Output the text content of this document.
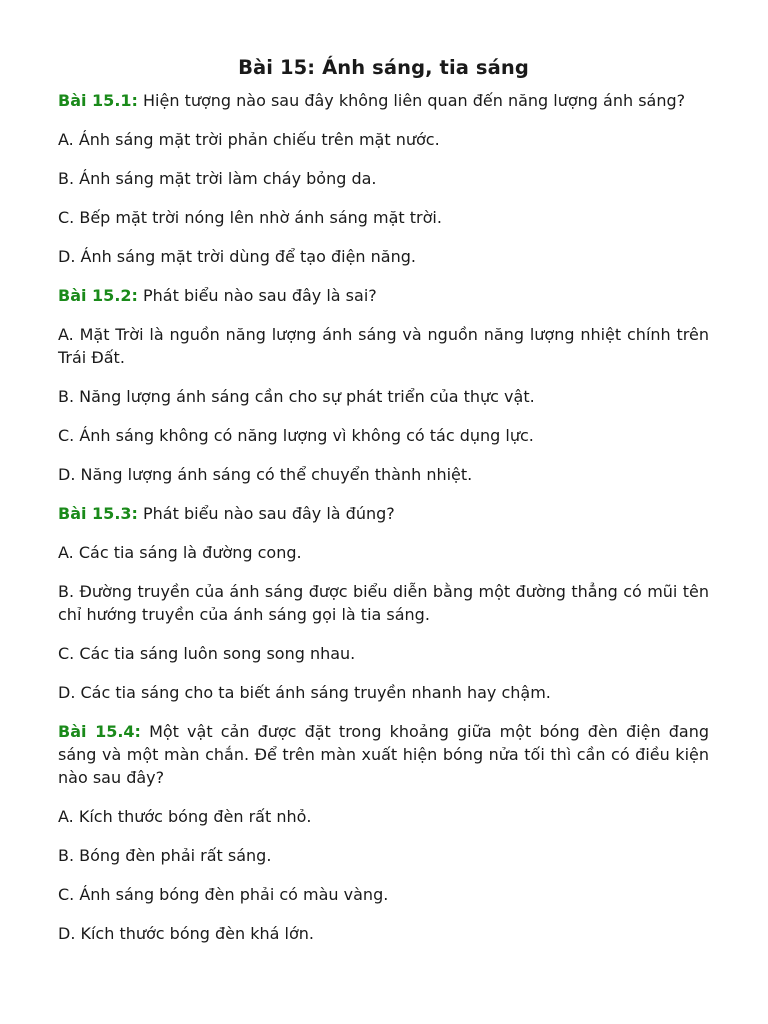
Bài 15: Ánh sáng, tia sáng

Bài 15.1: Hiện tượng nào sau đây không liên quan đến năng lượng ánh sáng?

A. Ánh sáng mặt trời phản chiếu trên mặt nước.

B. Ánh sáng mặt trời làm cháy bỏng da.

C. Bếp mặt trời nóng lên nhờ ánh sáng mặt trời.

D. Ánh sáng mặt trời dùng để tạo điện năng.

Bài 15.2: Phát biểu nào sau đây là sai?

A. Mặt Trời là nguồn năng lượng ánh sáng và nguồn năng lượng nhiệt chính trên Trái Đất.

B. Năng lượng ánh sáng cần cho sự phát triển của thực vật.

C. Ánh sáng không có năng lượng vì không có tác dụng lực.

D. Năng lượng ánh sáng có thể chuyển thành nhiệt.

Bài 15.3: Phát biểu nào sau đây là đúng?

A. Các tia sáng là đường cong.

B. Đường truyền của ánh sáng được biểu diễn bằng một đường thẳng có mũi tên chỉ hướng truyền của ánh sáng gọi là tia sáng.

C. Các tia sáng luôn song song nhau.

D. Các tia sáng cho ta biết ánh sáng truyền nhanh hay chậm.

Bài 15.4: Một vật cản được đặt trong khoảng giữa một bóng đèn điện đang sáng và một màn chắn. Để trên màn xuất hiện bóng nửa tối thì cần có điều kiện nào sau đây?

A. Kích thước bóng đèn rất nhỏ.

B. Bóng đèn phải rất sáng.

C. Ánh sáng bóng đèn phải có màu vàng.

D. Kích thước bóng đèn khá lớn.
